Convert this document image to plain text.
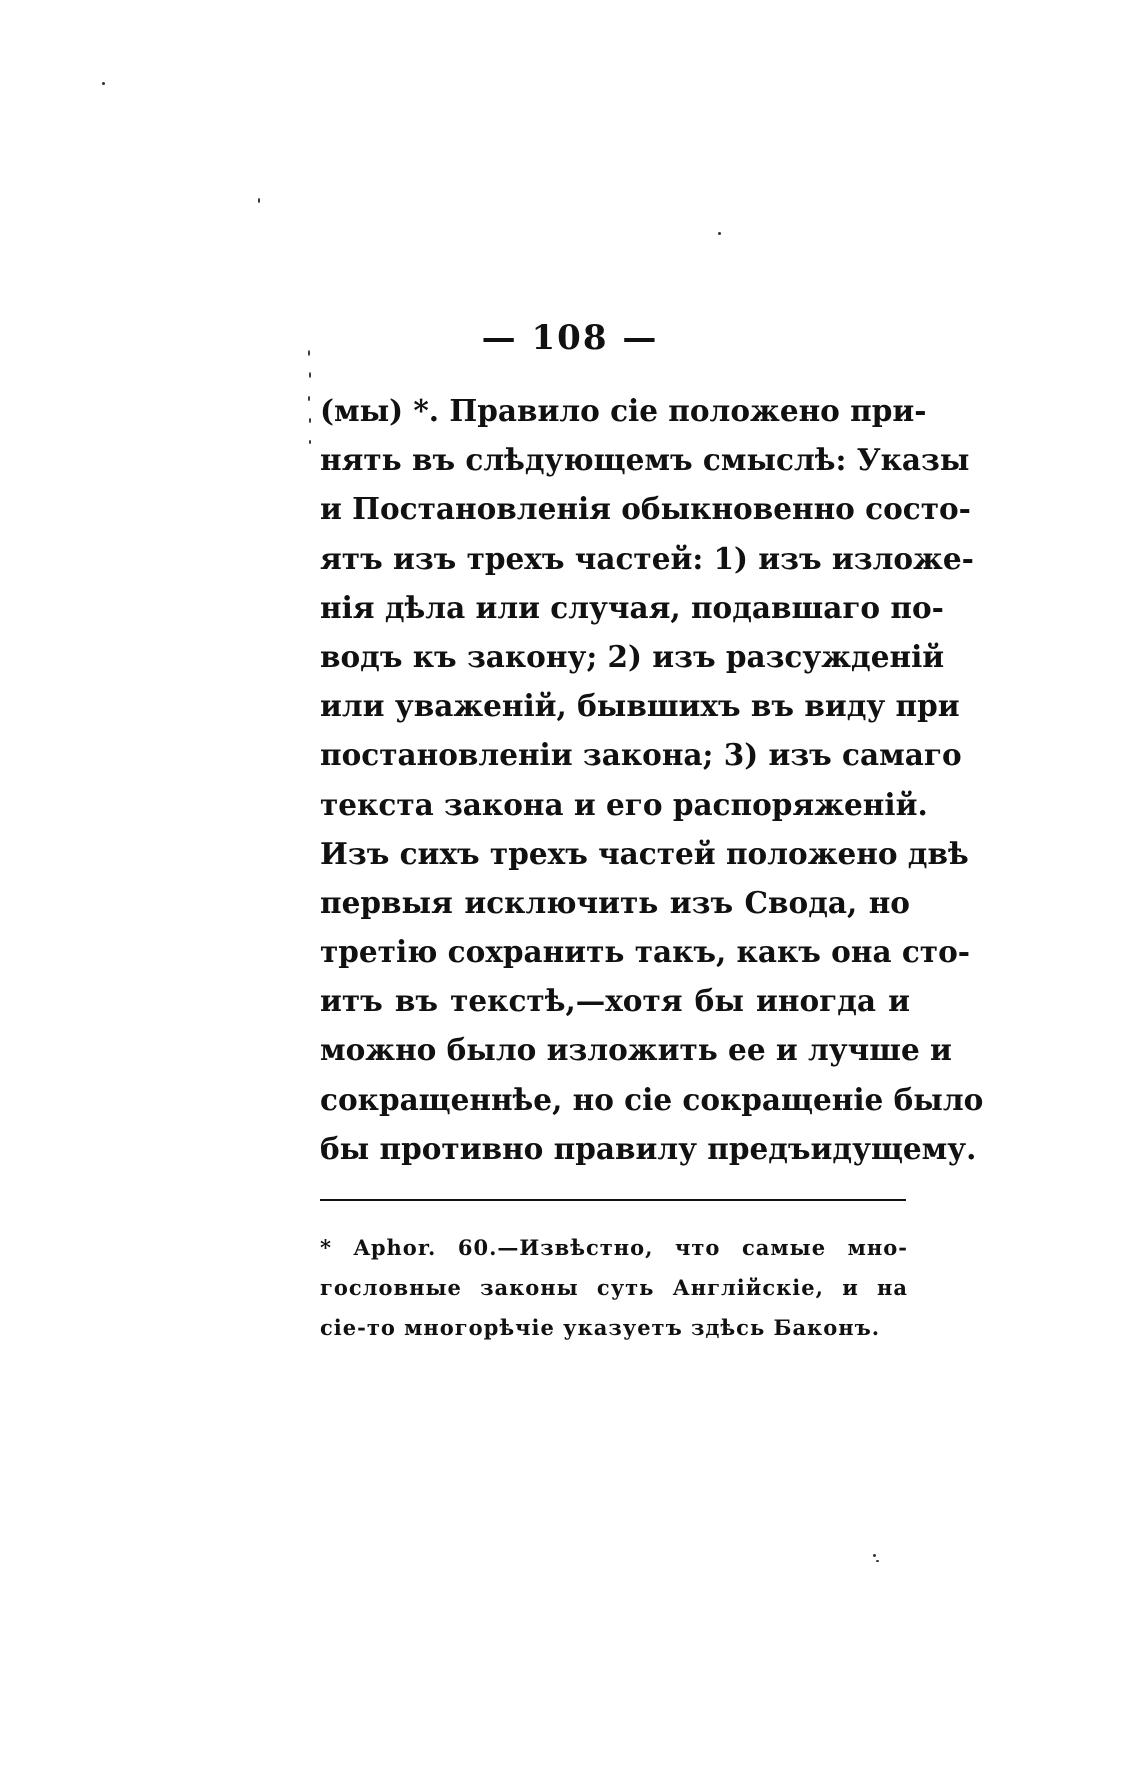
— 108 —
(мы) *. Правило сіе положено при-
нять въ слѣдующемъ смыслѣ: Указы
и Постановленія обыкновенно состо-
ятъ изъ трехъ частей: 1) изъ изложе-
нія дѣла или случая, подавшаго по-
водъ къ закону; 2) изъ разсужденій
или уваженій, бывшихъ въ виду при
постановленіи закона; 3) изъ самаго
текста закона и его распоряженій.
Изъ сихъ трехъ частей положено двѣ
первыя исключить изъ Свода, но
третію сохранить такъ, какъ она сто-
итъ въ текстѣ,—хотя бы иногда и
можно было изложить ее и лучше и
сокращеннѣе, но сіе сокращеніе было
бы противно правилу предъидущему.
* Aphor. 60.—Извѣстно, что самые мно-
гословные законы суть Англійскіе, и на
сіе-то многорѣчіе указуетъ здѣсь Баконъ.
